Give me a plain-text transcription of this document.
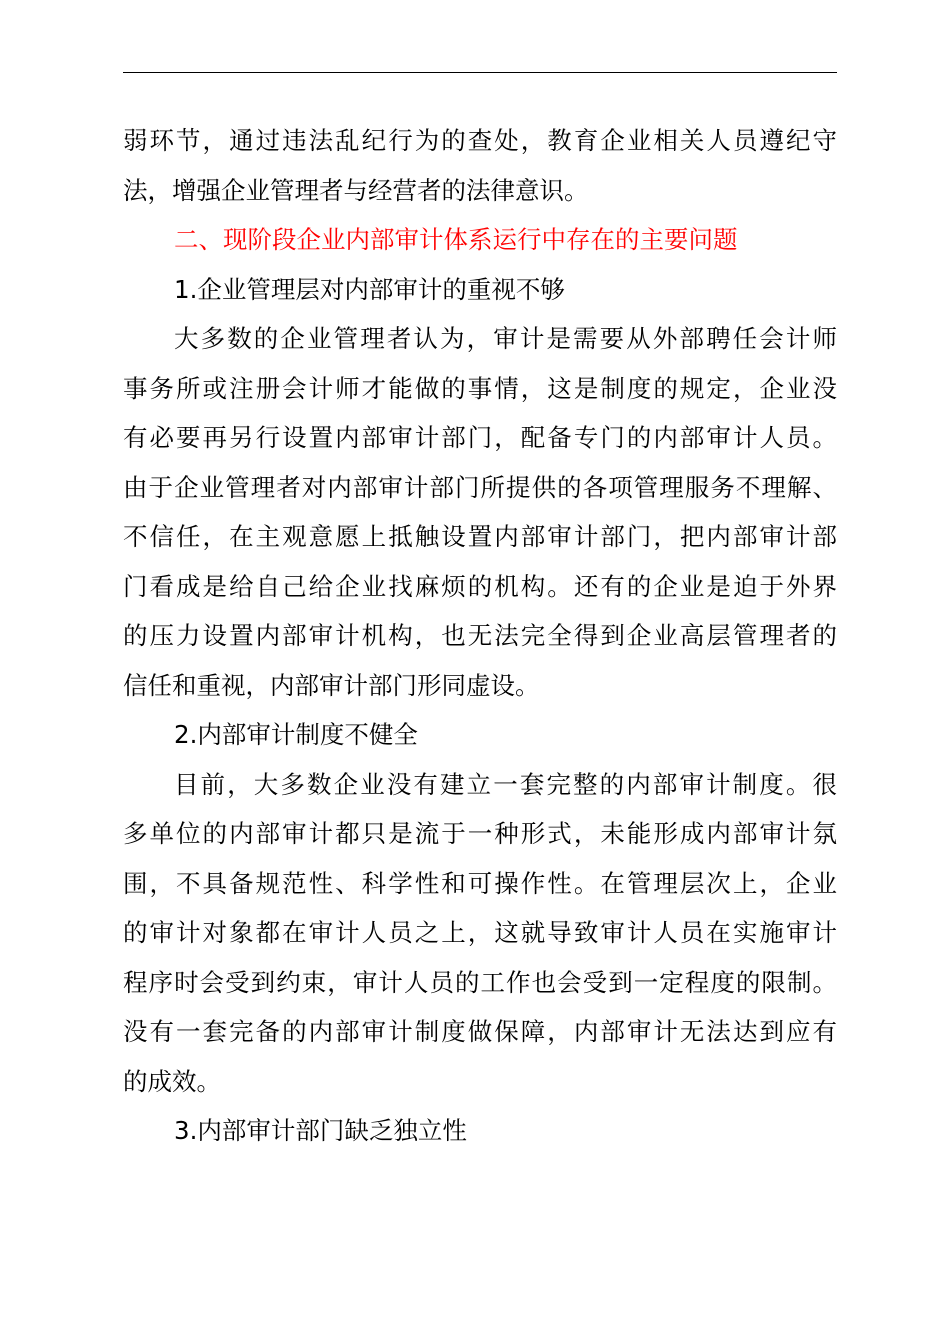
弱环节，通过违法乱纪行为的查处，教育企业相关人员遵纪守
法，增强企业管理者与经营者的法律意识。
二、现阶段企业内部审计体系运行中存在的主要问题
1.企业管理层对内部审计的重视不够
大多数的企业管理者认为，审计是需要从外部聘任会计师
事务所或注册会计师才能做的事情，这是制度的规定，企业没
有必要再另行设置内部审计部门，配备专门的内部审计人员。
由于企业管理者对内部审计部门所提供的各项管理服务不理解、
不信任，在主观意愿上抵触设置内部审计部门，把内部审计部
门看成是给自己给企业找麻烦的机构。还有的企业是迫于外界
的压力设置内部审计机构，也无法完全得到企业高层管理者的
信任和重视，内部审计部门形同虚设。
2.内部审计制度不健全
目前，大多数企业没有建立一套完整的内部审计制度。很
多单位的内部审计都只是流于一种形式，未能形成内部审计氛
围，不具备规范性、科学性和可操作性。在管理层次上，企业
的审计对象都在审计人员之上，这就导致审计人员在实施审计
程序时会受到约束，审计人员的工作也会受到一定程度的限制。
没有一套完备的内部审计制度做保障，内部审计无法达到应有
的成效。
3.内部审计部门缺乏独立性
